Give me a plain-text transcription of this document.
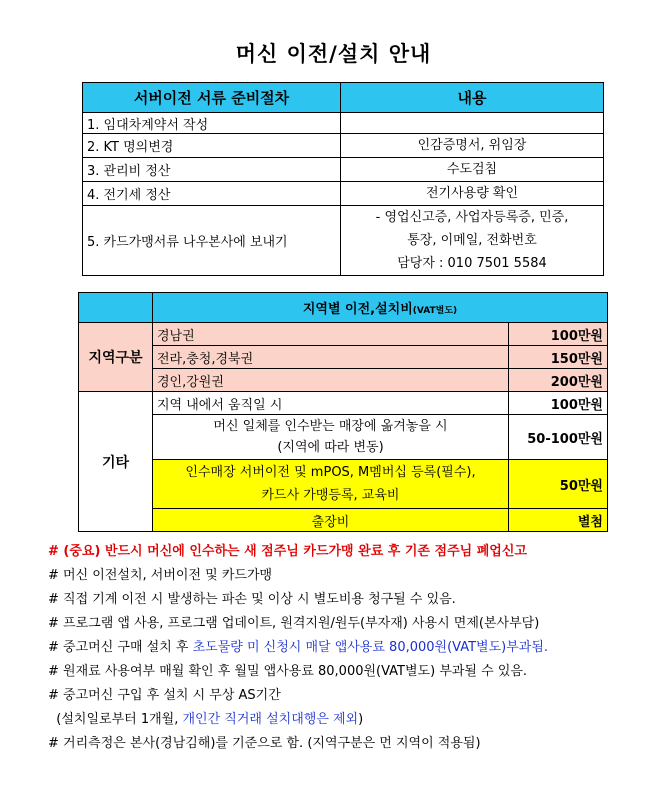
머신 이전/설치 안내
서버이전 서류 준비절차	내용
1. 임대차계약서 작성	
2. KT 명의변경	인감증명서, 위임장
3. 관리비 정산	수도검침
4. 전기세 정산	전기사용량 확인
5. 카드가맹서류 나우본사에 보내기	- 영업신고증, 사업자등록증, 민증,
통장, 이메일, 전화번호
담당자 : 010 7501 5584
	지역별 이전,설치비(VAT별도)	
지역구분	경남권	100만원
	전라,충청,경북권	150만원
	경인,강원권	200만원
기타	지역 내에서 움직일 시	100만원

	머신 일체를 인수받는 매장에 옮겨놓을 시
(지역에 따라 변동)	50-100만원

	인수매장 서버이전 및 mPOS, M멤버십 등록(필수),
카드사 가맹등록, 교육비	50만원
	출장비	별첨
# (중요) 반드시 머신에 인수하는 새 점주님 카드가맹 완료 후 기존 점주님 폐업신고
# 머신 이전설치, 서버이전 및 카드가맹
# 직접 기계 이전 시 발생하는 파손 및 이상 시 별도비용 청구될 수 있음.
# 프로그램 앱 사용, 프로그램 업데이트, 원격지원/원두(부자재) 사용시 면제(본사부담)
# 중고머신 구매 설치 후 초도물량 미 신청시 매달 앱사용료 80,000원(VAT별도)부과됨.
# 원재료 사용여부 매월 확인 후 월밀 앱사용료 80,000원(VAT별도) 부과될 수 있음.
# 중고머신 구입 후 설치 시 무상 AS기간
(설치일로부터 1개월, 개인간 직거래 설치대행은 제외)
# 거리측정은 본사(경남김해)를 기준으로 함. (지역구분은 먼 지역이 적용됨)
